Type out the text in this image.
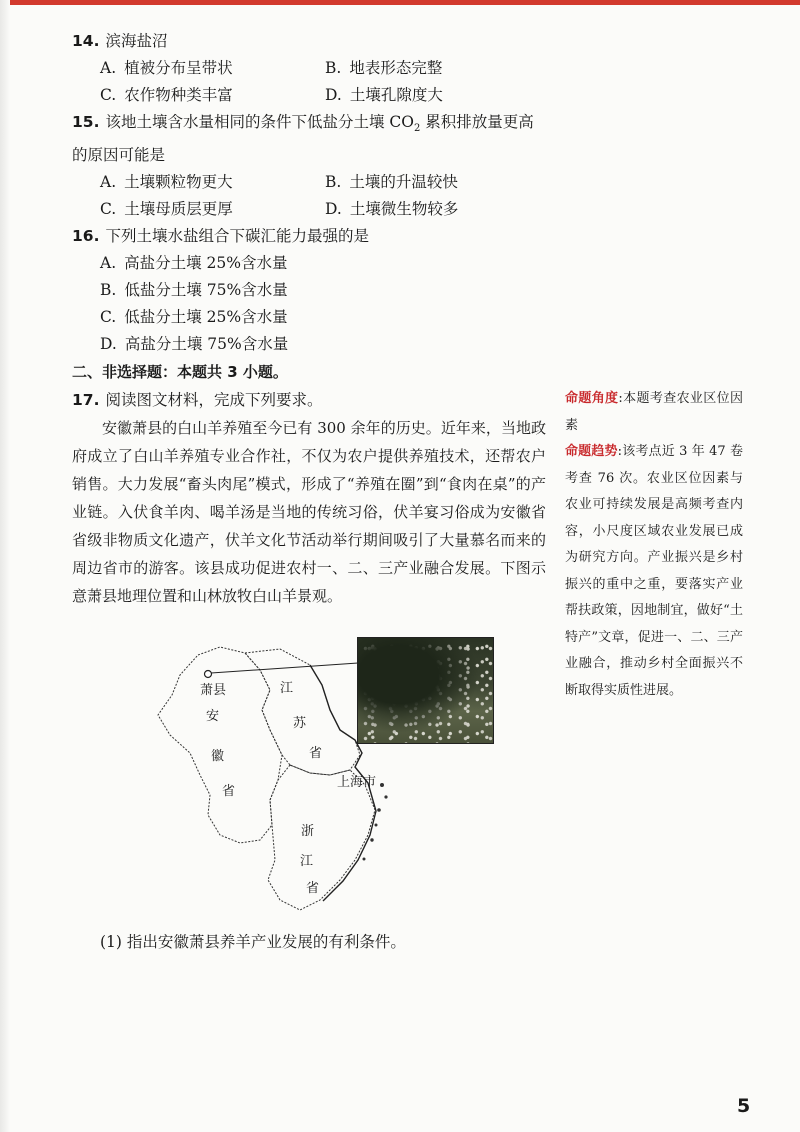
14. 滨海盐沼
A. 植被分布呈带状	B. 地表形态完整
C. 农作物种类丰富	D. 土壤孔隙度大
15. 该地土壤含水量相同的条件下低盐分土壤 $CO_2$ 累积排放量更高
的原因可能是
A. 土壤颗粒物更大	B. 土壤的升温较快
C. 土壤母质层更厚	D. 土壤微生物较多
16. 下列土壤水盐组合下碳汇能力最强的是
A. 高盐分土壤 25%含水量
B. 低盐分土壤 75%含水量
C. 低盐分土壤 25%含水量
D. 高盐分土壤 75%含水量
二、非选择题：本题共 3 小题。
17. 阅读图文材料，完成下列要求。
安徽萧县的白山羊养殖至今已有 300 余年的历史。近年来，当地政府成立了白山羊养殖专业合作社，不仅为农户提供养殖技术，还帮农户销售。大力发展“畜头肉尾”模式，形成了“养殖在圈”到“食肉在桌”的产业链。入伏食羊肉、喝羊汤是当地的传统习俗，伏羊宴习俗成为安徽省省级非物质文化遗产，伏羊文化节活动举行期间吸引了大量慕名而来的周边省市的游客。该县成功促进农村一、二、三产业融合发展。下图示意萧县地理位置和山林放牧白山羊景观。
萧县
安
徽
省
江
苏
省
上海市
浙
江
省
(1) 指出安徽萧县养羊产业发展的有利条件。
命题角度:本题考查农业区位因素
命题趋势:该考点近 3 年 47 卷考查 76 次。农业区位因素与农业可持续发展是高频考查内容，小尺度区域农业发展已成为研究方向。产业振兴是乡村振兴的重中之重，要落实产业帮扶政策，因地制宜，做好“土特产”文章，促进一、二、三产业融合，推动乡村全面振兴不断取得实质性进展。
5
